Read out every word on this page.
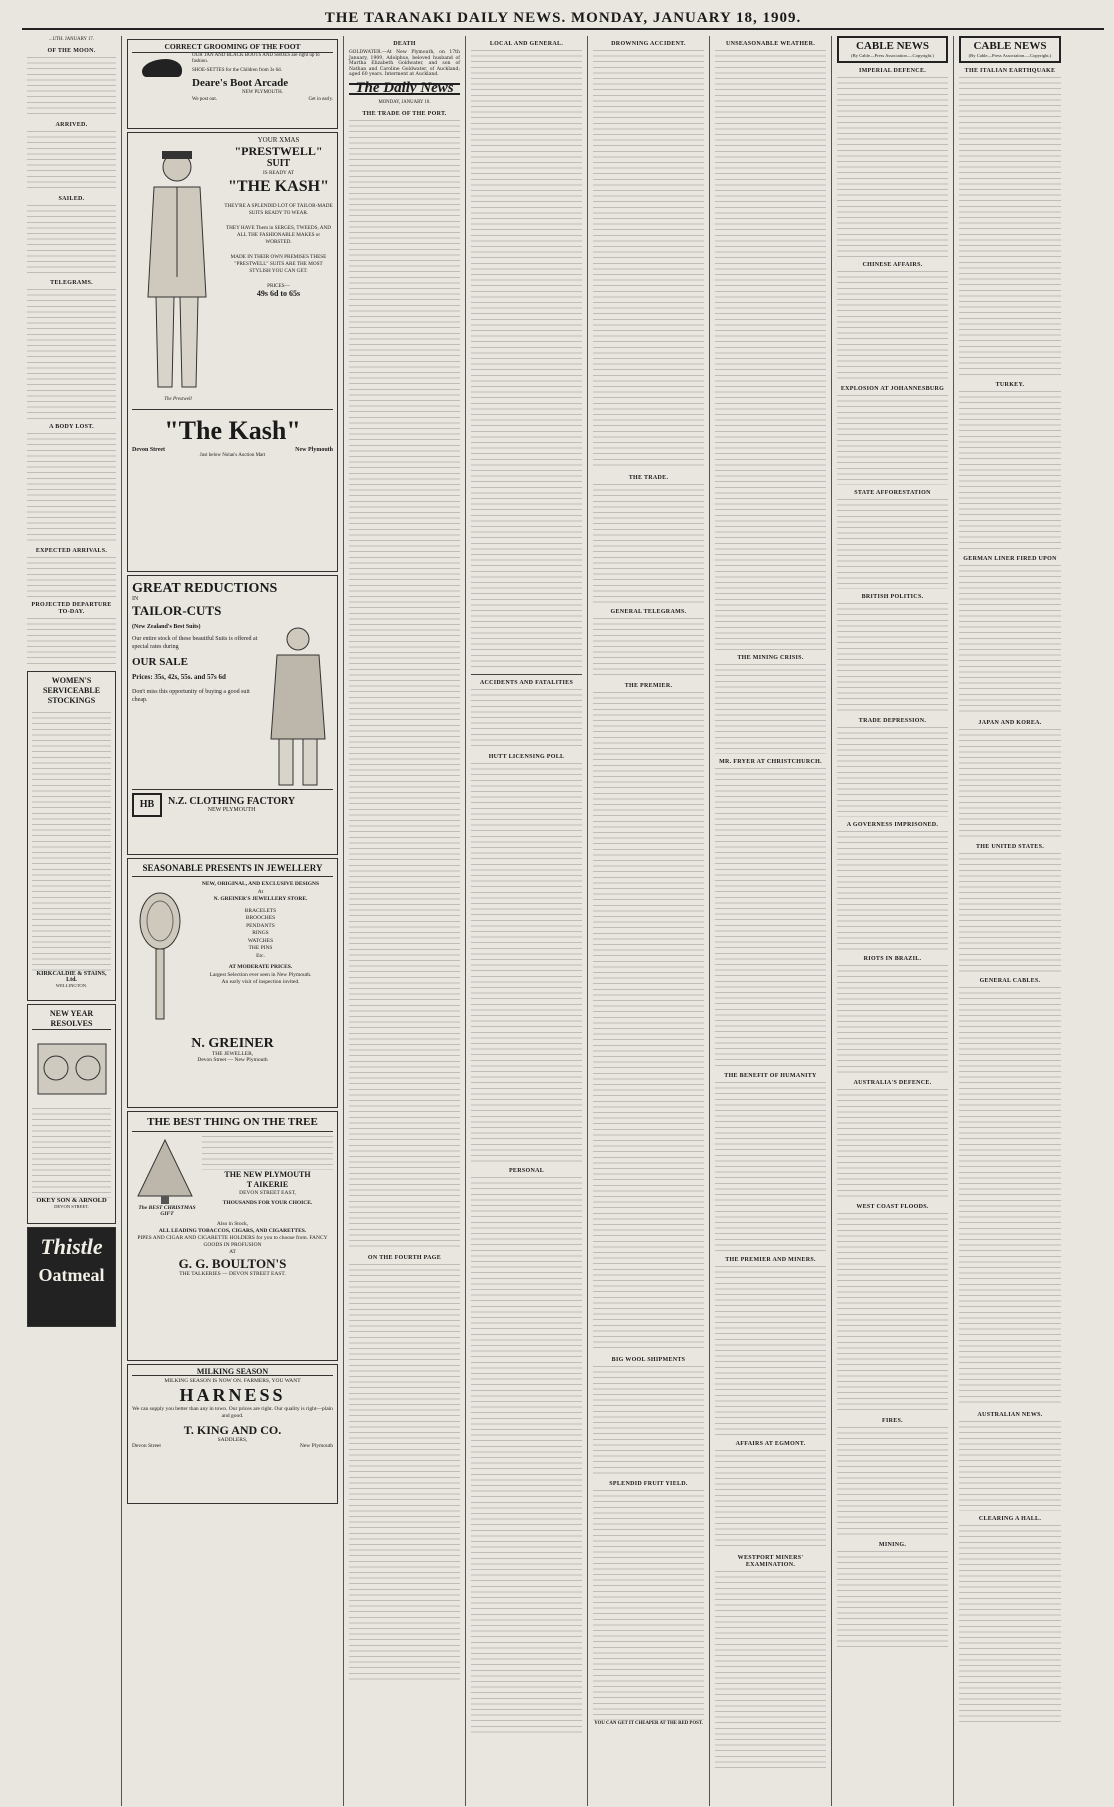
THE TARANAKI DAILY NEWS. MONDAY, JANUARY 18, 1909.
...UTH. JANUARY 17.
OF THE MOON.
ARRIVED.
SAILED.
TELEGRAMS.
A BODY LOST.
EXPECTED ARRIVALS.
PROJECTED DEPARTURE TO-DAY.
WOMEN'S SERVICEABLE STOCKINGS
KIRKCALDIE & STAINS, Ltd.
WELLINGTON.
NEW YEAR RESOLVES
OKEY SON & ARNOLD
DEVON STREET.
Thistle
Oatmeal
CORRECT GROOMING OF THE FOOT
OUR TAN AND BLACK BOOTS AND SHOES are right up to fashion.
SHOE-SETTES for the Children from 3s 6d.
Deare's Boot Arcade
NEW PLYMOUTH.
We post out.	Get in early.
The Prestwell
YOUR XMAS
"PRESTWELL"
SUIT
IS READY AT
"THE KASH"
THEY'RE A SPLENDID LOT OF TAILOR-MADE SUITS READY TO WEAR.
THEY HAVE Them in SERGES, TWEEDS, AND ALL THE FASHIONABLE MAKES or WORSTED.
MADE IN THEIR OWN PREMISES THESE "PRESTWELL" SUITS ARE THE MOST STYLISH YOU CAN GET.
PRICES—
49s 6d to 65s
"The Kash"
Devon Street	New Plymouth
Just below Nolan's Auction Mart
GREAT REDUCTIONS
IN
TAILOR-CUTS
(New Zealand's Best Suits)
Our entire stock of these beautiful Suits is offered at special rates during
OUR SALE
Prices: 35s, 42s, 55s. and 57s 6d
Don't miss this opportunity of buying a good suit cheap.
HB	N.Z. CLOTHING FACTORY
NEW PLYMOUTH
SEASONABLE PRESENTS IN JEWELLERY
NEW, ORIGINAL, AND EXCLUSIVE DESIGNS
At
N. GREINER'S JEWELLERY STORE.
BRACELETS
BROOCHES
PENDANTS
RINGS
WATCHES
THE PINS
Etc.
AT MODERATE PRICES.
Largest Selection ever seen in New Plymouth.
An early visit of inspection invited.
N. GREINER
THE JEWELLER,
Devon Street — New Plymouth
THE BEST THING ON THE TREE
The BEST CHRISTMAS GIFT
THE NEW PLYMOUTH
T AIKERIE
DEVON STREET EAST,
THOUSANDS FOR YOUR CHOICE.
Also in Stock,
ALL LEADING TOBACCOS, CIGARS, AND CIGARETTES.
PIPES AND CIGAR AND CIGARETTE HOLDERS for you to choose from. FANCY GOODS IN PROFUSION
AT
G. G. BOULTON'S
THE TALKERIES — DEVON STREET EAST.
MILKING SEASON
MILKING SEASON IS NOW ON. FARMERS, YOU WANT
HARNESS
We can supply you better than any in town. Our prices are right. Our quality is right—plain and good.
T. KING AND CO.
SADDLERS,
Devon Street	New Plymouth
DEATH
GOLDWATER.—At New Plymouth, on 17th January, 1909, Adolphus, beloved husband of Martha Elizabeth Goldwater, and son of Nathan and Caroline Goldwater, of Auckland; aged 60 years. Interment at Auckland.
The Daily News
MONDAY, JANUARY 18.
THE TRADE OF THE PORT.
ON THE FOURTH PAGE
LOCAL AND GENERAL.
ACCIDENTS AND FATALITIES
HUTT LICENSING POLL
PERSONAL
DROWNING ACCIDENT.
THE TRADE.
GENERAL TELEGRAMS.
THE PREMIER.
BIG WOOL SHIPMENTS
SPLENDID FRUIT YIELD.
YOU CAN GET IT CHEAPER AT THE RED POST.
UNSEASONABLE WEATHER.
THE MINING CRISIS.
MR. FRYER AT CHRISTCHURCH.
THE BENEFIT OF HUMANITY
THE PREMIER AND MINERS.
AFFAIRS AT EGMONT.
WESTPORT MINERS' EXAMINATION.
CABLE NEWS
(By Cable—Press Association.—Copyright.)
IMPERIAL DEFENCE.
CHINESE AFFAIRS.
EXPLOSION AT JOHANNESBURG
STATE AFFORESTATION
BRITISH POLITICS.
TRADE DEPRESSION.
A GOVERNESS IMPRISONED.
RIOTS IN BRAZIL.
AUSTRALIA'S DEFENCE.
WEST COAST FLOODS.
FIRES.
MINING.
CABLE NEWS
(By Cable—Press Association.—Copyright.)
THE ITALIAN EARTHQUAKE
TURKEY.
GERMAN LINER FIRED UPON
JAPAN AND KOREA.
THE UNITED STATES.
GENERAL CABLES.
AUSTRALIAN NEWS.
CLEARING A HALL.
